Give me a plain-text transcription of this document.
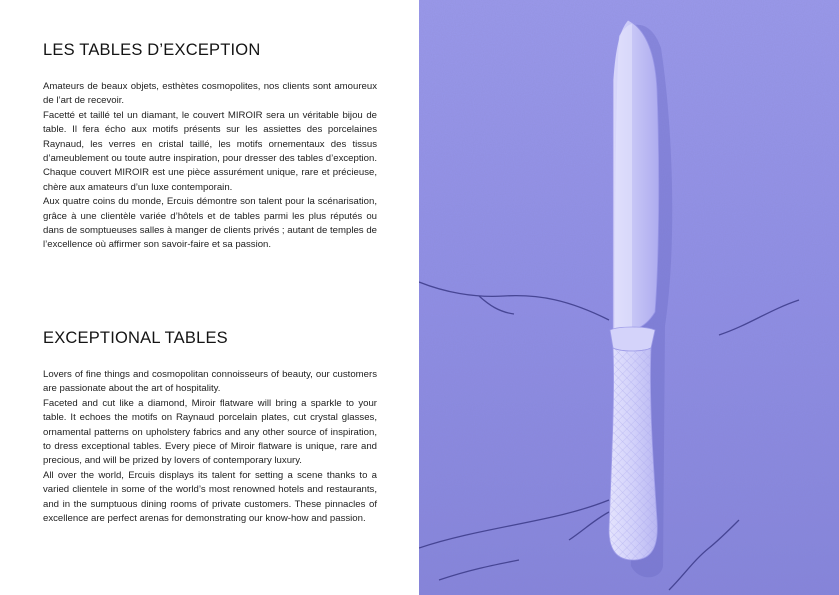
LES TABLES D’EXCEPTION

Amateurs de beaux objets, esthètes cosmopolites, nos clients sont amoureux de l’art de recevoir.

Facetté et taillé tel un diamant, le couvert MIROIR sera un véritable bijou de table. Il fera écho aux motifs présents sur les assiettes des porcelaines Raynaud, les verres en cristal taillé, les motifs ornementaux des tissus d’ameublement ou toute autre inspiration, pour dresser des tables d’exception. Chaque couvert MIROIR est une pièce assurément unique, rare et précieuse, chère aux amateurs d’un luxe contemporain.

Aux quatre coins du monde, Ercuis démontre son talent pour la scénarisation, grâce à une clientèle variée d’hôtels et de tables parmi les plus réputés ou dans de somptueuses salles à manger de clients privés ; autant de temples de l’excellence où affirmer son savoir-faire et sa passion.

EXCEPTIONAL TABLES

Lovers of fine things and cosmopolitan connoisseurs of beauty, our customers are passionate about the art of hospitality.

Faceted and cut like a diamond, Miroir flatware will bring a sparkle to your table. It echoes the motifs on Raynaud porcelain plates, cut crystal glasses, ornamental patterns on upholstery fabrics and any other source of inspiration, to dress exceptional tables. Every piece of Miroir flatware is unique, rare and precious, and will be prized by lovers of contemporary luxury.

All over the world, Ercuis displays its talent for setting a scene thanks to a varied clientele in some of the world’s most renowned hotels and restaurants, and in the sumptuous dining rooms of private customers. These pinnacles of excellence are perfect arenas for demonstrating our know-how and passion.
